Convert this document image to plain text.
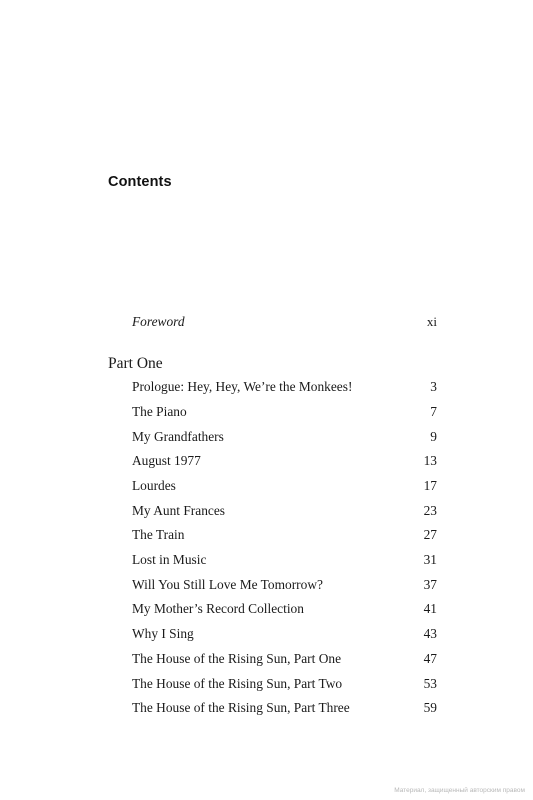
Contents
Foreword	xi
Part One
Prologue: Hey, Hey, We’re the Monkees!	3
The Piano	7
My Grandfathers	9
August 1977	13
Lourdes	17
My Aunt Frances	23
The Train	27
Lost in Music	31
Will You Still Love Me Tomorrow?	37
My Mother’s Record Collection	41
Why I Sing	43
The House of the Rising Sun, Part One	47
The House of the Rising Sun, Part Two	53
The House of the Rising Sun, Part Three	59
Материал, защищенный авторским правом
